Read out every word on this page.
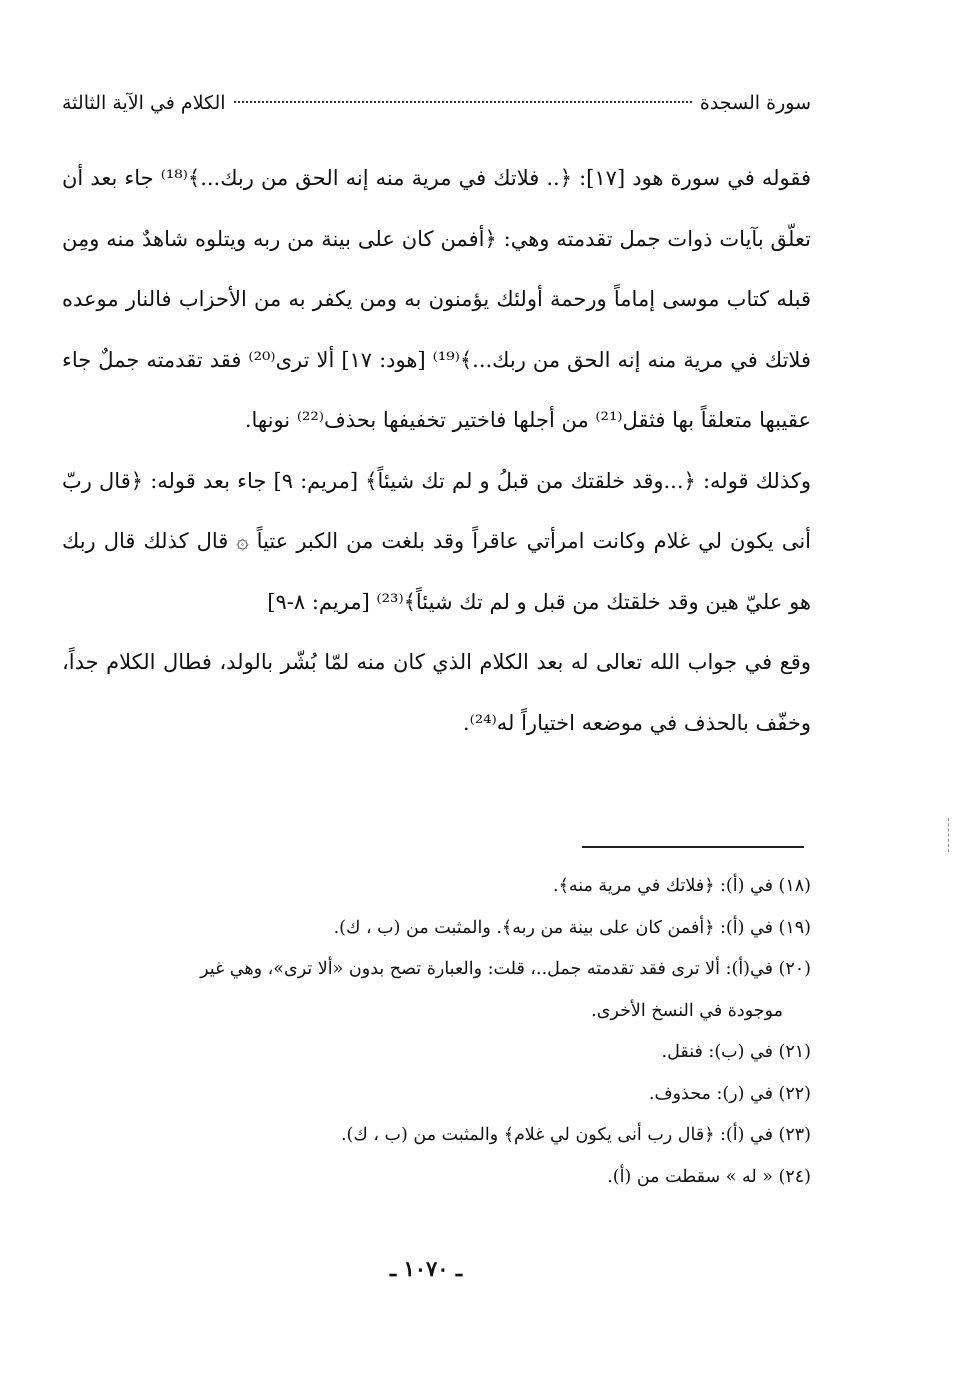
سورة السجدة
الكلام في الآية الثالثة

فقوله في سورة هود [١٧]: ﴿.. فلاتك في مرية منه إنه الحق من ربك...﴾⁽¹⁸⁾ جاء بعد أن تعلّق بآيات ذوات جمل تقدمته وهي: ﴿أفمن كان على بينة من ربه ويتلوه شاهدٌ منه ومِن قبله كتاب موسى إماماً ورحمة أولئك يؤمنون به ومن يكفر به من الأحزاب فالنار موعده فلاتك في مرية منه إنه الحق من ربك...﴾⁽¹⁹⁾ [هود: ١٧] ألا ترى⁽²⁰⁾ فقد تقدمته جملٌ جاء عقيبها متعلقاً بها فثقل⁽²¹⁾ من أجلها فاختير تخفيفها بحذف⁽²²⁾ نونها.

وكذلك قوله: ﴿...وقد خلقتك من قبلُ و لم تك شيئاً﴾ [مريم: ٩] جاء بعد قوله: ﴿قال ربّ أنى يكون لي غلام وكانت امرأتي عاقراً وقد بلغت من الكبر عتياً ۞ قال كذلك قال ربك هو عليّ هين وقد خلقتك من قبل و لم تك شيئاً﴾⁽²³⁾ [مريم: ٨-٩]

وقع في جواب الله تعالى له بعد الكلام الذي كان منه لمّا بُشّر بالولد، فطال الكلام جداً، وخفّف بالحذف في موضعه اختياراً له⁽²⁴⁾.

(١٨) في (أ): ﴿فلاتك في مرية منه﴾.

(١٩) في (أ): ﴿أفمن كان على بينة من ربه﴾. والمثبت من (ب ، ك).

(٢٠) في(أ): ألا ترى فقد تقدمته جمل..، قلت: والعبارة تصح بدون «ألا ترى»، وهي غير

موجودة في النسخ الأخرى.

(٢١) في (ب): فنقل.

(٢٢) في (ر): محذوف.

(٢٣) في (أ): ﴿قال رب أنى يكون لي غلام﴾ والمثبت من (ب ، ك).

(٢٤) « له » سقطت من (أ).

ـ ١٠٧٠ ـ
